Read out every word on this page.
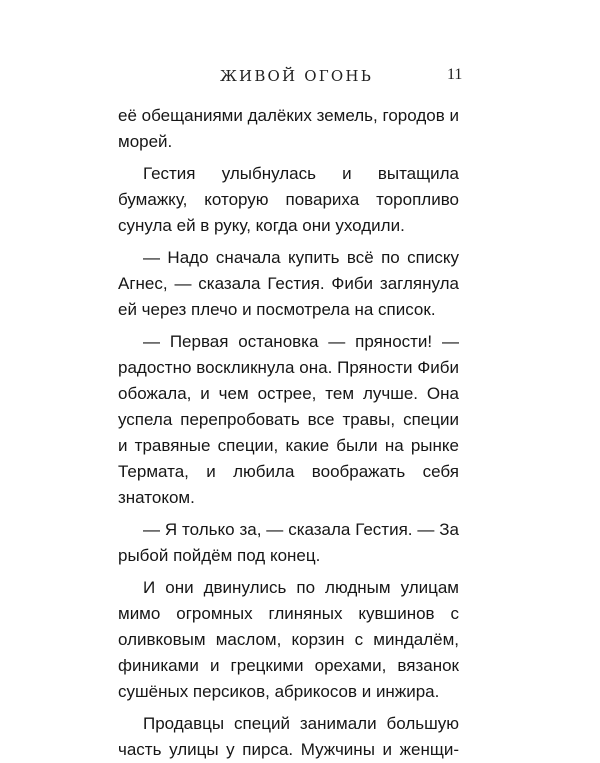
ЖИВОЙ ОГОНЬ	11

её обещаниями далёких земель, городов и морей.

Гестия улыбнулась и вытащила бумажку, которую повариха торопливо сунула ей в руку, когда они уходили.

— Надо сначала купить всё по списку Агнес, — сказала Гестия. Фиби заглянула ей через плечо и посмотрела на список.

— Первая остановка — пряности! — радостно воскликнула она. Пряности Фиби обожала, и чем острее, тем лучше. Она успела перепробовать все травы, специи и травяные специи, какие были на рынке Термата, и любила воображать себя знатоком.

— Я только за, — сказала Гестия. — За рыбой пойдём под конец.

И они двинулись по людным улицам мимо огромных глиняных кувшинов с оливковым маслом, корзин с миндалём, финиками и грецкими орехами, вязанок сушёных персиков, абрикосов и инжира.

Продавцы специй занимали большую часть улицы у пирса. Мужчины и женщи-
